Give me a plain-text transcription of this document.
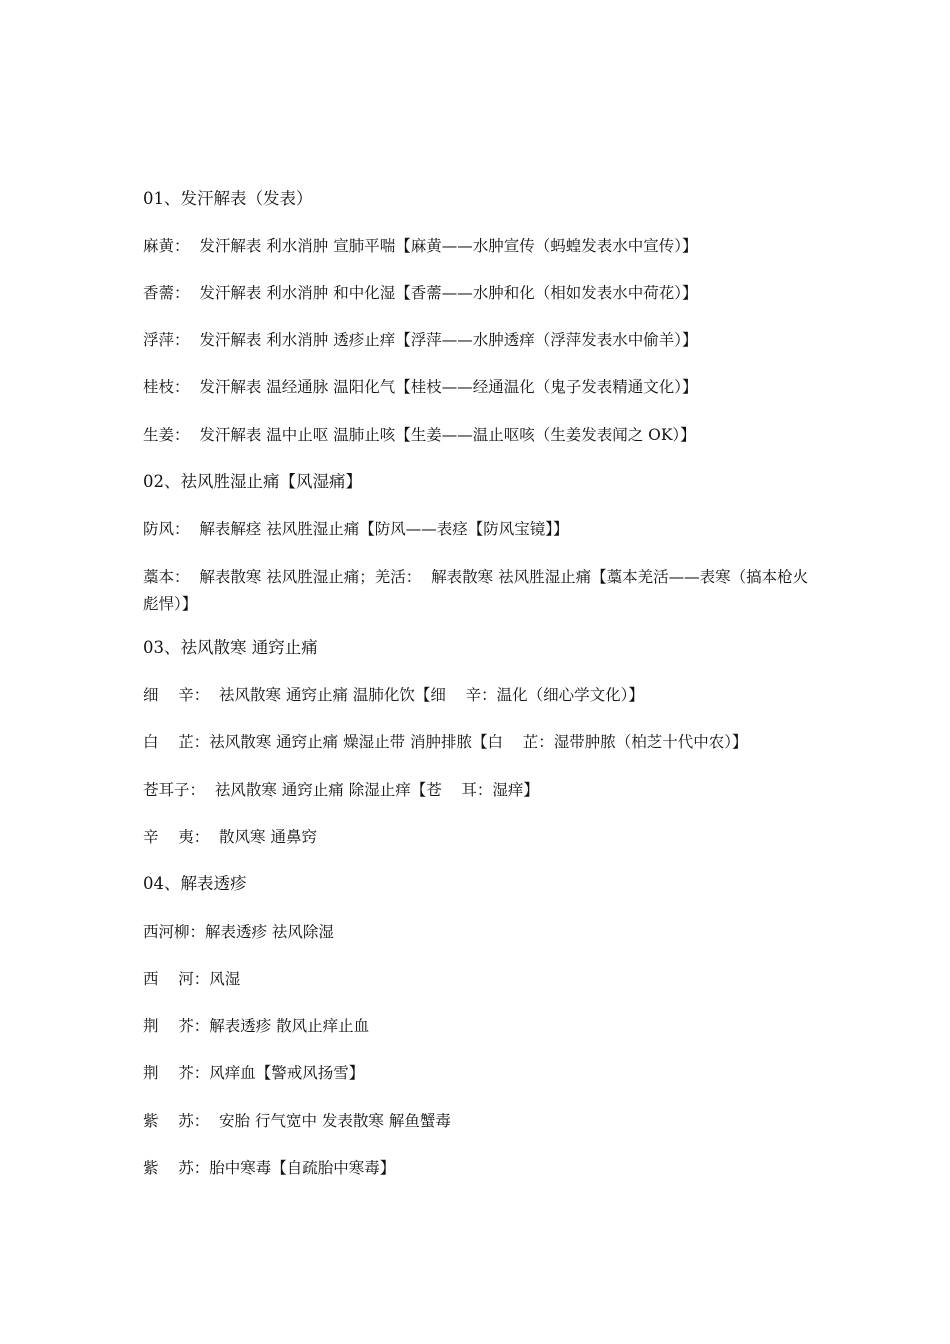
01、发汗解表（发表）
麻黄：  发汗解表 利水消肿 宣肺平喘【麻黄——水肿宣传（蚂蝗发表水中宣传）】
香薷：  发汗解表 利水消肿 和中化湿【香薷——水肿和化（相如发表水中荷花）】
浮萍：  发汗解表 利水消肿 透疹止痒【浮萍——水肿透痒（浮萍发表水中偷羊）】
桂枝：  发汗解表 温经通脉 温阳化气【桂枝——经通温化（鬼子发表精通文化）】
生姜：  发汗解表 温中止呕 温肺止咳【生姜——温止呕咳（生姜发表闻之 OK）】
02、祛风胜湿止痛【风湿痛】
防风：  解表解痉 祛风胜湿止痛【防风——表痉【防风宝镜】】
藁本：  解表散寒 祛风胜湿止痛；羌活：  解表散寒 祛风胜湿止痛【藁本羌活——表寒（搞本枪火彪悍）】
03、祛风散寒 通窍止痛
细    辛：  祛风散寒 通窍止痛 温肺化饮【细    辛：温化（细心学文化）】
白    芷：祛风散寒 通窍止痛 燥湿止带 消肿排脓【白    芷：湿带肿脓（柏芝十代中农）】
苍耳子：  祛风散寒 通窍止痛 除湿止痒【苍    耳：湿痒】
辛    夷：  散风寒 通鼻窍
04、解表透疹
西河柳：解表透疹 祛风除湿
西    河：风湿
荆    芥：解表透疹 散风止痒止血
荆    芥：风痒血【警戒风扬雪】
紫    苏：  安胎 行气宽中 发表散寒 解鱼蟹毒
紫    苏：胎中寒毒【自疏胎中寒毒】
